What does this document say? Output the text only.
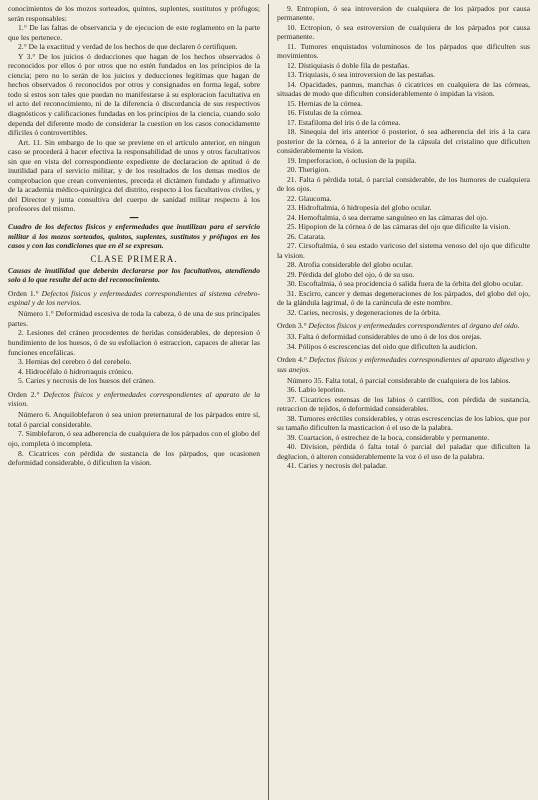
conocimientos de los mozos sorteados, quintos, suplentes, sustitutos y prófugos; serán responsables:

1.° De las faltas de observancia y de ejecucion de este reglamento en la parte que les pertenece.

2.° De la exactitud y verdad de los hechos de que declaren ó certifiquen.

Y 3.° De los juicios ó deducciones que hagan de los hechos observados ó reconocidos por ellos ó por otros que no estén fundados en los principios de la ciencia; pero no lo serán de los juicios y deducciones legítimas que hagan de hechos observados ó reconocidos por otros y consignados en forma legal, sobre todo si estos son tales que puedan no manifestarse á su esploracion facultativa en el acto del reconocimiento, ni de la diferencia ó discordancia de sus respectivos diagnósticos y calificaciones fundadas en los principios de la ciencia, cuando solo dependa del diferente modo de considerar la cuestion en los casos conocidamente difíciles ó controvertibles.

Art. 11. Sin embargo de lo que se previene en el artículo anterior, en ningun caso se procederá á hacer efectiva la responsabilidad de unos y otros facultativos sin que en vista del correspondiente expediente de declaracion de aptitud ó de inutilidad para el servicio militar, y de los resultados de los demas medios de comprobacion que crean convenientes, preceda el dictámen fundado y afirmativo de la academia médico-quirúrgica del distrito, respecto á los facultativos civiles, y del Director y junta consultiva del cuerpo de sanidad militar respecto á los profesores del mismo.

━━

Cuadro de los defectos físicos y enfermedades que inutilizan para el servicio militar á los mozos sorteados, quintos, suplentes, sustitutos y prófugos en los casos y con las condiciones que en él se expresan.

CLASE PRIMERA.

Causas de inutilidad que deberán declararse por los facultativos, atendiendo solo á lo que resulte del acto del reconocimiento.

Orden 1.° Defectos físicos y enfermedades correspondientes al sistema cérebro-espinal y de los nervios.

Número 1.° Deformidad escesiva de toda la cabeza, ó de una de sus principales partes.

2. Lesiones del cráneo procedentes de heridas considerables, de depresion ó hundimiento de los huesos, ó de su esfoliacion ó estraccion, capaces de alterar las funciones encefálicas.

3. Hernias del cerebro ó del cerebelo.

4. Hidrocéfalo ó hidrorraquis crónico.

5. Caries y necrosis de los huesos del cráneo.

Orden 2.° Defectos físicos y enfermedades correspondientes al aparato de la vision.

Número 6. Anquiloblefaron ó sea union preternatural de los párpados entre sí, total ó parcial considerable.

7. Simblefaron, ó sea adherencia de cualquiera de los párpados con el globo del ojo, completa ó incompleta.

8. Cicatrices con pérdida de sustancia de los párpados, que ocasionen deformidad considerable, ó dificulten la vision.

9. Entropion, ó sea introversion de cualquiera de los párpados por causa permanente.

10. Ectropion, ó sea estroversion de cualquiera de los párpados por causa permanente.

11. Tumores enquistados voluminosos de los párpados que dificulten sus movimientos.

12. Distiquiasis ó doble fila de pestañas.

13. Triquiasis, ó sea introversion de las pestañas.

14. Opacidades, pannus, manchas ó cicatrices en cualquiera de las córneas, situadas de modo que dificulten considerablemente ó impidan la vision.

15. Hernias de la córnea.

16. Fístulas de la córnea.

17. Estafiloma del iris ó de la córnea.

18. Sinequia del iris anterior ó posterior, ó sea adherencia del iris á la cara posterior de la córnea, ó á la anterior de la cápsula del cristalino que dificulten considerablemente la vision.

19. Imperforacion, ó oclusion de la pupila.

20. Therigion.

21. Falta ó pérdida total, ó parcial considerable, de los humores de cualquiera de los ojos.

22. Glaucoma.

23. Hidroftalmia, ó hidropesía del globo ocular.

24. Hemoftalmia, ó sea derrame sanguíneo en las cámaras del ojo.

25. Hipopion de la córnea ó de las cámaras del ojo que dificulte la vision.

26. Catarata.

27. Cirsoftalmia, ó sea estado varicoso del sistema venoso del ojo que dificulte la vision.

28. Atrofia considerable del globo ocular.

29. Pérdida del globo del ojo, ó de su uso.

30. Escoftalmia, ó sea procidencia ó salida fuera de la órbita del globo ocular.

31. Escirro, cancer y demas degeneraciones de los párpados, del globo del ojo, de la glándula lagrimal, ó de la carúncula de este nombre.

32. Caries, necrosis, y degeneraciones de la órbita.

Orden 3.° Defectos físicos y enfermedades correspondientes al órgano del oido.

33. Falta ó deformidad considerables de uno ó de los dos orejas.

34. Pólipos ó escrescencias del oido que dificulten la audicion.

Orden 4.° Defectos físicos y enfermedades correspondientes al aparato digestivo y sus anejos.

Número 35. Falta total, ó parcial considerable de cualquiera de los labios.

36. Labio leporino.

37. Cicatrices estensas de los labios ó carrillos, con pérdida de sustancia, retraccion de tejidos, ó deformidad considerables.

38. Tumores eréctiles considerables, y otras escrescencias de los labios, que por su tamaño dificulten la masticacion ó el uso de la palabra.

39. Coartacion, ó estrechez de la boca, considerable y permanente.

40. Division, pérdida ó falta total ó parcial del paladar que dificulten la deglucion, ó alteren considerablemente la voz ó el uso de la palabra.

41. Caries y necrosis del paladar.
